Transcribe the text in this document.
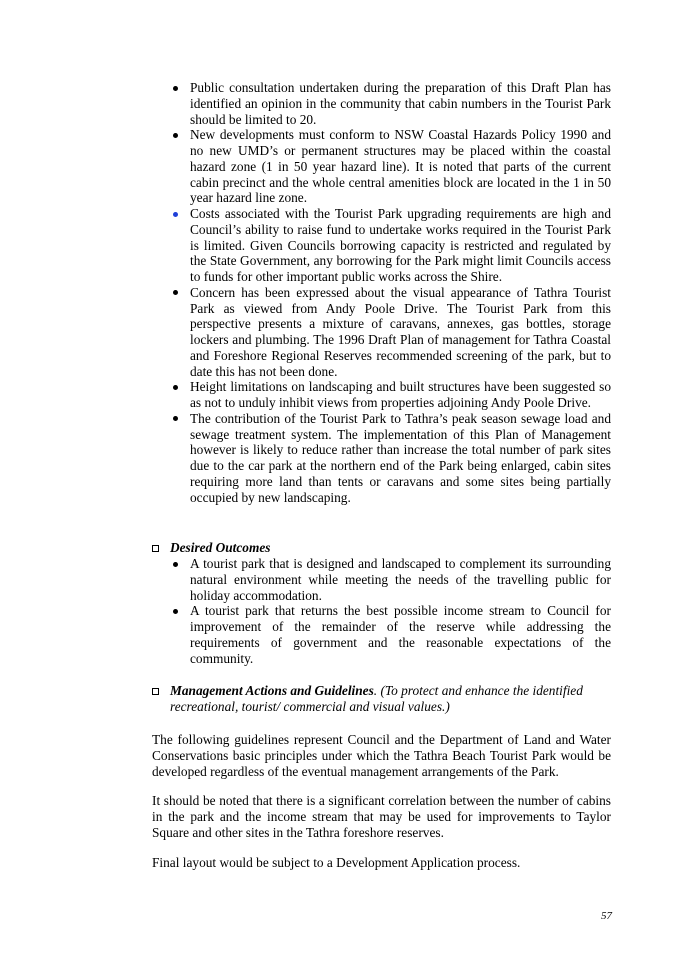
Public consultation undertaken during the preparation of this Draft Plan has identified an opinion in the community that cabin numbers in the Tourist Park should be limited to 20.
New developments must conform to NSW Coastal Hazards Policy 1990 and no new UMD’s or permanent structures may be placed within the coastal hazard zone (1 in 50 year hazard line). It is noted that parts of the current cabin precinct and the whole central amenities block are located in the 1 in 50 year hazard line zone.
Costs associated with the Tourist Park upgrading requirements are high and Council’s ability to raise fund to undertake works required in the Tourist Park is limited. Given Councils borrowing capacity is restricted and regulated by the State Government, any borrowing for the Park might limit Councils access to funds for other important public works across the Shire.
Concern has been expressed about the visual appearance of Tathra Tourist Park as viewed from Andy Poole Drive. The Tourist Park from this perspective presents a mixture of caravans, annexes, gas bottles, storage lockers and plumbing. The 1996 Draft Plan of management for Tathra Coastal and Foreshore Regional Reserves recommended screening of the park, but to date this has not been done.
Height limitations on landscaping and built structures have been suggested so as not to unduly inhibit views from properties adjoining Andy Poole Drive.
The contribution of the Tourist Park to Tathra’s peak season sewage load and sewage treatment system. The implementation of this Plan of Management however is likely to reduce rather than increase the total number of park sites due to the car park at the northern end of the Park being enlarged, cabin sites requiring more land than tents or caravans and some sites being partially occupied by new landscaping.
Desired Outcomes
A tourist park that is designed and landscaped to complement its surrounding natural environment while meeting the needs of the travelling public for holiday accommodation.
A tourist park that returns the best possible income stream to Council for improvement of the remainder of the reserve while addressing the requirements of government and the reasonable expectations of the community.
Management Actions and Guidelines. (To protect and enhance the identified recreational, tourist/ commercial and visual values.)

The following guidelines represent Council and the Department of Land and Water Conservations basic principles under which the Tathra Beach Tourist Park would be developed regardless of the eventual management arrangements of the Park.

It should be noted that there is a significant correlation between the number of cabins in the park and the income stream that may be used for improvements to Taylor Square and other sites in the Tathra foreshore reserves.

Final layout would be subject to a Development Application process.

57
